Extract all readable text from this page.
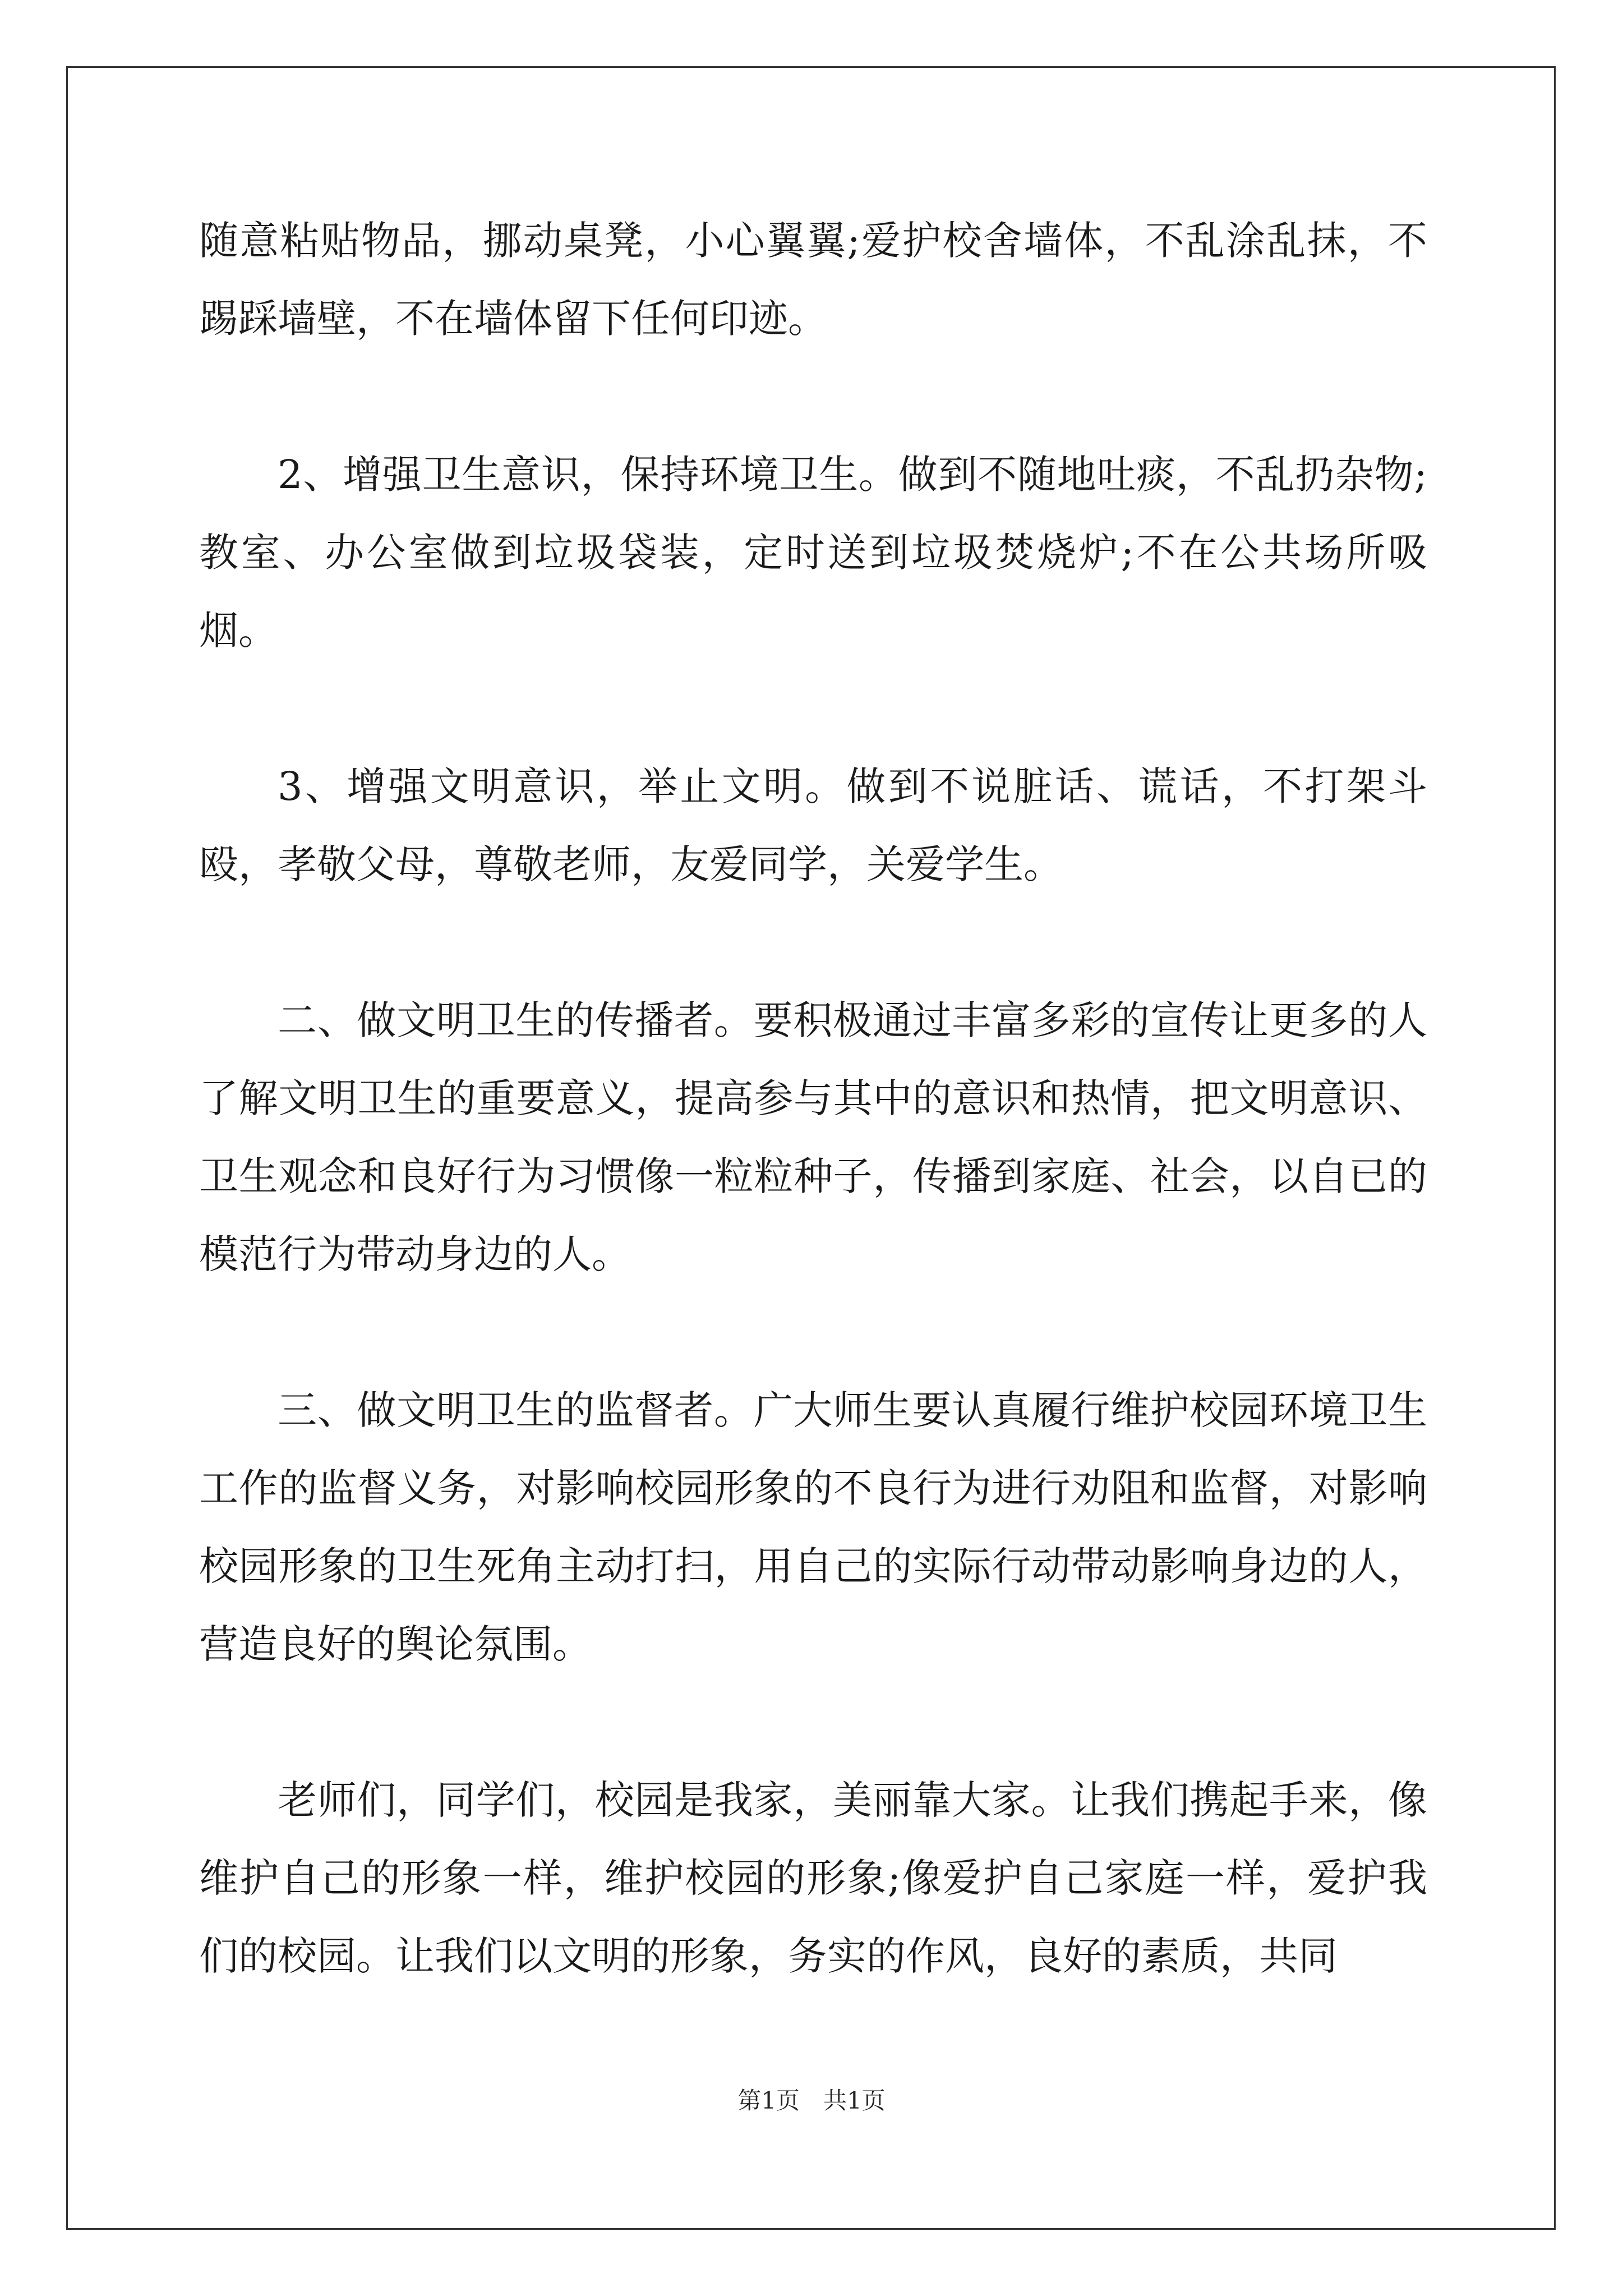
随意粘贴物品，挪动桌凳，小心翼翼;爱护校舍墙体，不乱涂乱抹，不踢踩墙壁，不在墙体留下任何印迹。

2、增强卫生意识，保持环境卫生。做到不随地吐痰，不乱扔杂物;教室、办公室做到垃圾袋装，定时送到垃圾焚烧炉;不在公共场所吸烟。

3、增强文明意识，举止文明。做到不说脏话、谎话，不打架斗殴，孝敬父母，尊敬老师，友爱同学，关爱学生。

二、做文明卫生的传播者。要积极通过丰富多彩的宣传让更多的人了解文明卫生的重要意义，提高参与其中的意识和热情，把文明意识、卫生观念和良好行为习惯像一粒粒种子，传播到家庭、社会，以自已的模范行为带动身边的人。

三、做文明卫生的监督者。广大师生要认真履行维护校园环境卫生工作的监督义务，对影响校园形象的不良行为进行劝阻和监督，对影响校园形象的卫生死角主动打扫，用自己的实际行动带动影响身边的人，营造良好的舆论氛围。

老师们，同学们，校园是我家，美丽靠大家。让我们携起手来，像维护自己的形象一样，维护校园的形象;像爱护自己家庭一样，爱护我们的校园。让我们以文明的形象，务实的作风，良好的素质，共同

第1页　共1页
